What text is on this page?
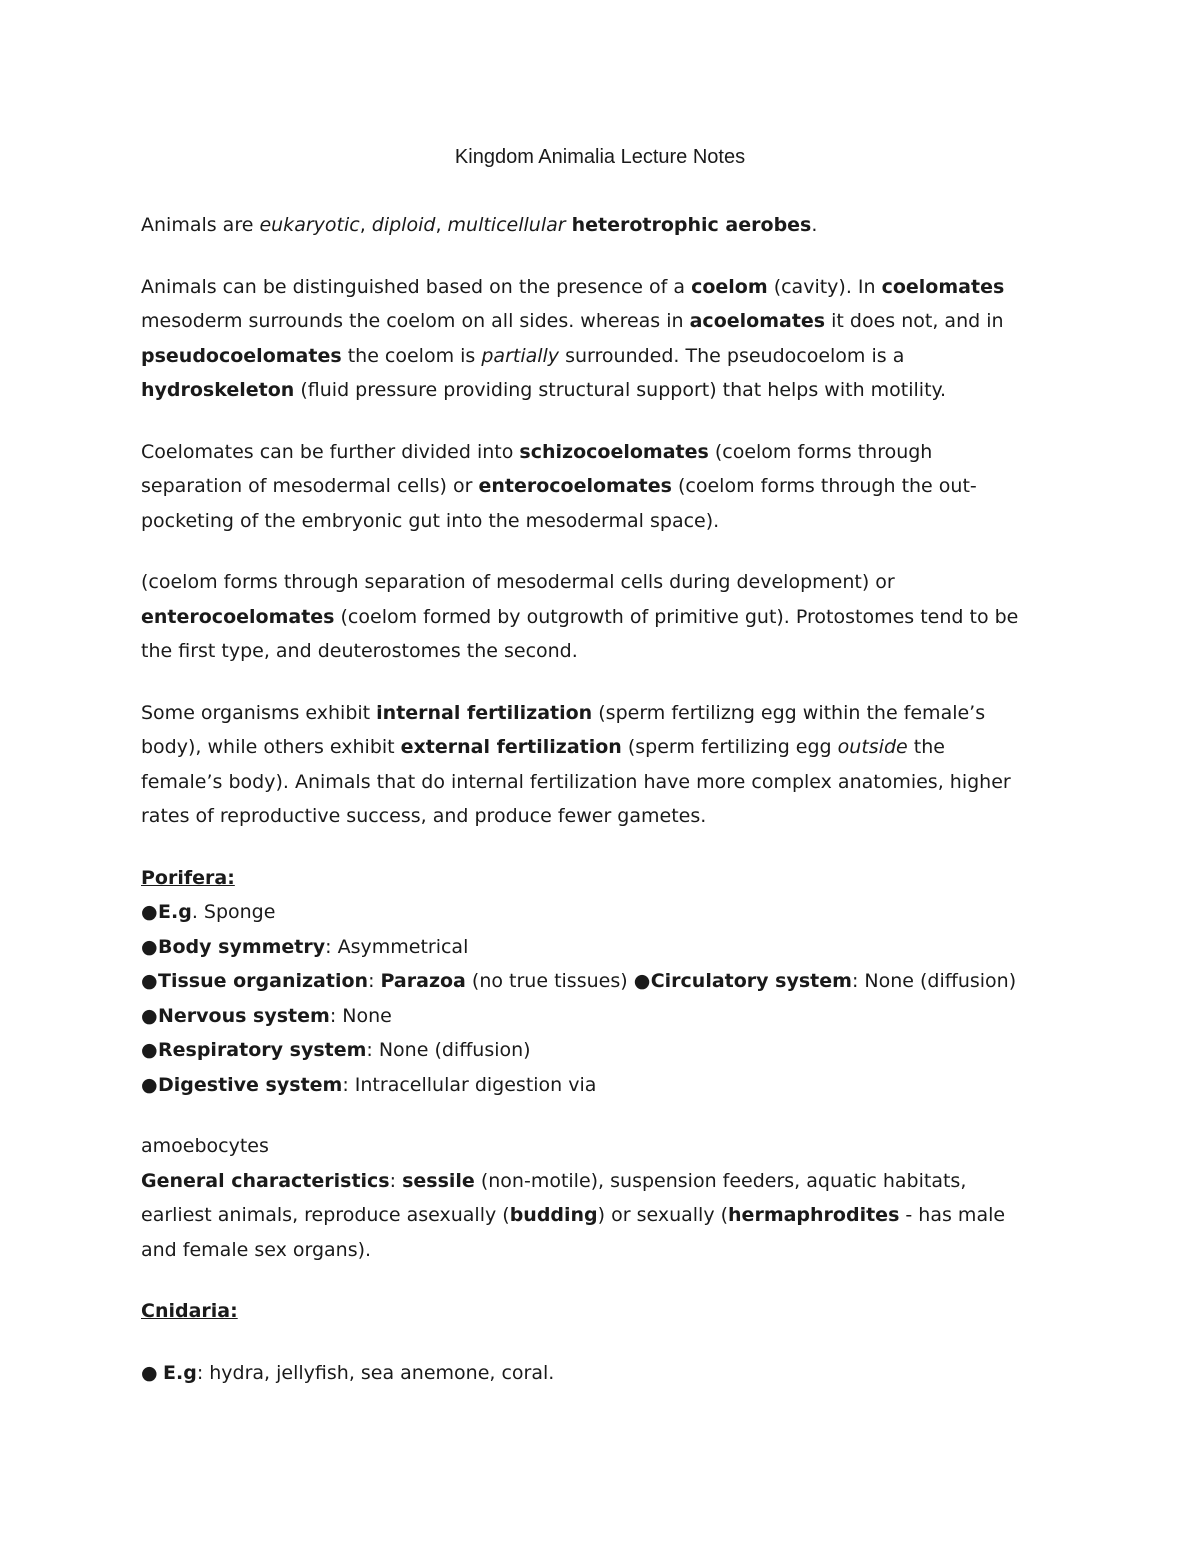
Kingdom Animalia Lecture Notes

Animals are eukaryotic, diploid, multicellular heterotrophic aerobes.

Animals can be distinguished based on the presence of a coelom (cavity). In coelomates

mesoderm surrounds the coelom on all sides. whereas in acoelomates it does not, and in

pseudocoelomates the coelom is partially surrounded. The pseudocoelom is a

hydroskeleton (fluid pressure providing structural support) that helps with motility.

Coelomates can be further divided into schizocoelomates (coelom forms through

separation of mesodermal cells) or enterocoelomates (coelom forms through the out-

pocketing of the embryonic gut into the mesodermal space).

(coelom forms through separation of mesodermal cells during development) or

enterocoelomates (coelom formed by outgrowth of primitive gut). Protostomes tend to be

the first type, and deuterostomes the second.

Some organisms exhibit internal fertilization (sperm fertilizng egg within the female’s

body), while others exhibit external fertilization (sperm fertilizing egg outside the

female’s body). Animals that do internal fertilization have more complex anatomies, higher

rates of reproductive success, and produce fewer gametes.

Porifera:

●E.g. Sponge

●Body symmetry: Asymmetrical

●Tissue organization: Parazoa (no true tissues) ●Circulatory system: None (diffusion)

●Nervous system: None

●Respiratory system: None (diffusion)

●Digestive system: Intracellular digestion via

amoebocytes

General characteristics: sessile (non-motile), suspension feeders, aquatic habitats,

earliest animals, reproduce asexually (budding) or sexually (hermaphrodites - has male

and female sex organs).

Cnidaria:

● E.g: hydra, jellyfish, sea anemone, coral.
